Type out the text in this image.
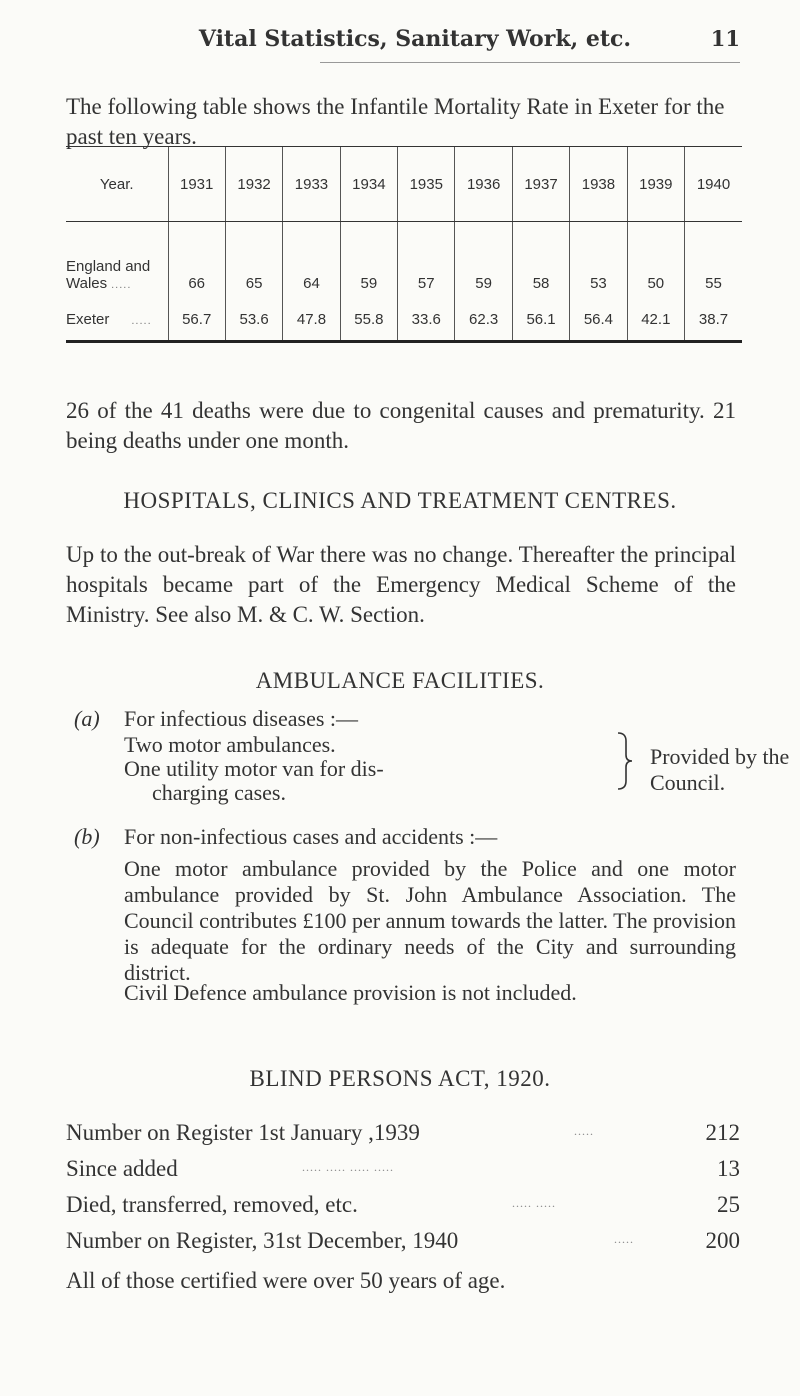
Vital Statistics, Sanitary Work, etc.	11
The following table shows the Infantile Mortality Rate in Exeter for the past ten years.
Year.	1931	1932	1933	1934	1935	1936	1937	1938	1939	1940
England and
Wales .....	66	65	64	59	57	59	58	53	50	55
Exeter .....	56.7	53.6	47.8	55.8	33.6	62.3	56.1	56.4	42.1	38.7
26 of the 41 deaths were due to congenital causes and prematurity. 21 being deaths under one month.
HOSPITALS, CLINICS AND TREATMENT CENTRES.
Up to the out-break of War there was no change. Thereafter the principal hospitals became part of the Emergency Medical Scheme of the Ministry. See also M. & C. W. Section.
AMBULANCE FACILITIES.
(a) For infectious diseases :—
Two motor ambulances.
One utility motor van for dis-
charging cases.
Provided by the Council.
(b) For non-infectious cases and accidents :—
One motor ambulance provided by the Police and one motor ambulance provided by St. John Ambulance Association. The Council contributes £100 per annum towards the latter. The provision is adequate for the ordinary needs of the City and surrounding district.
Civil Defence ambulance provision is not included.
BLIND PERSONS ACT, 1920.
Number on Register 1st January ,1939	.....	212
Since added	..... ..... ..... .....	13
Died, transferred, removed, etc.	..... .....	25
Number on Register, 31st December, 1940	.....	200
All of those certified were over 50 years of age.
